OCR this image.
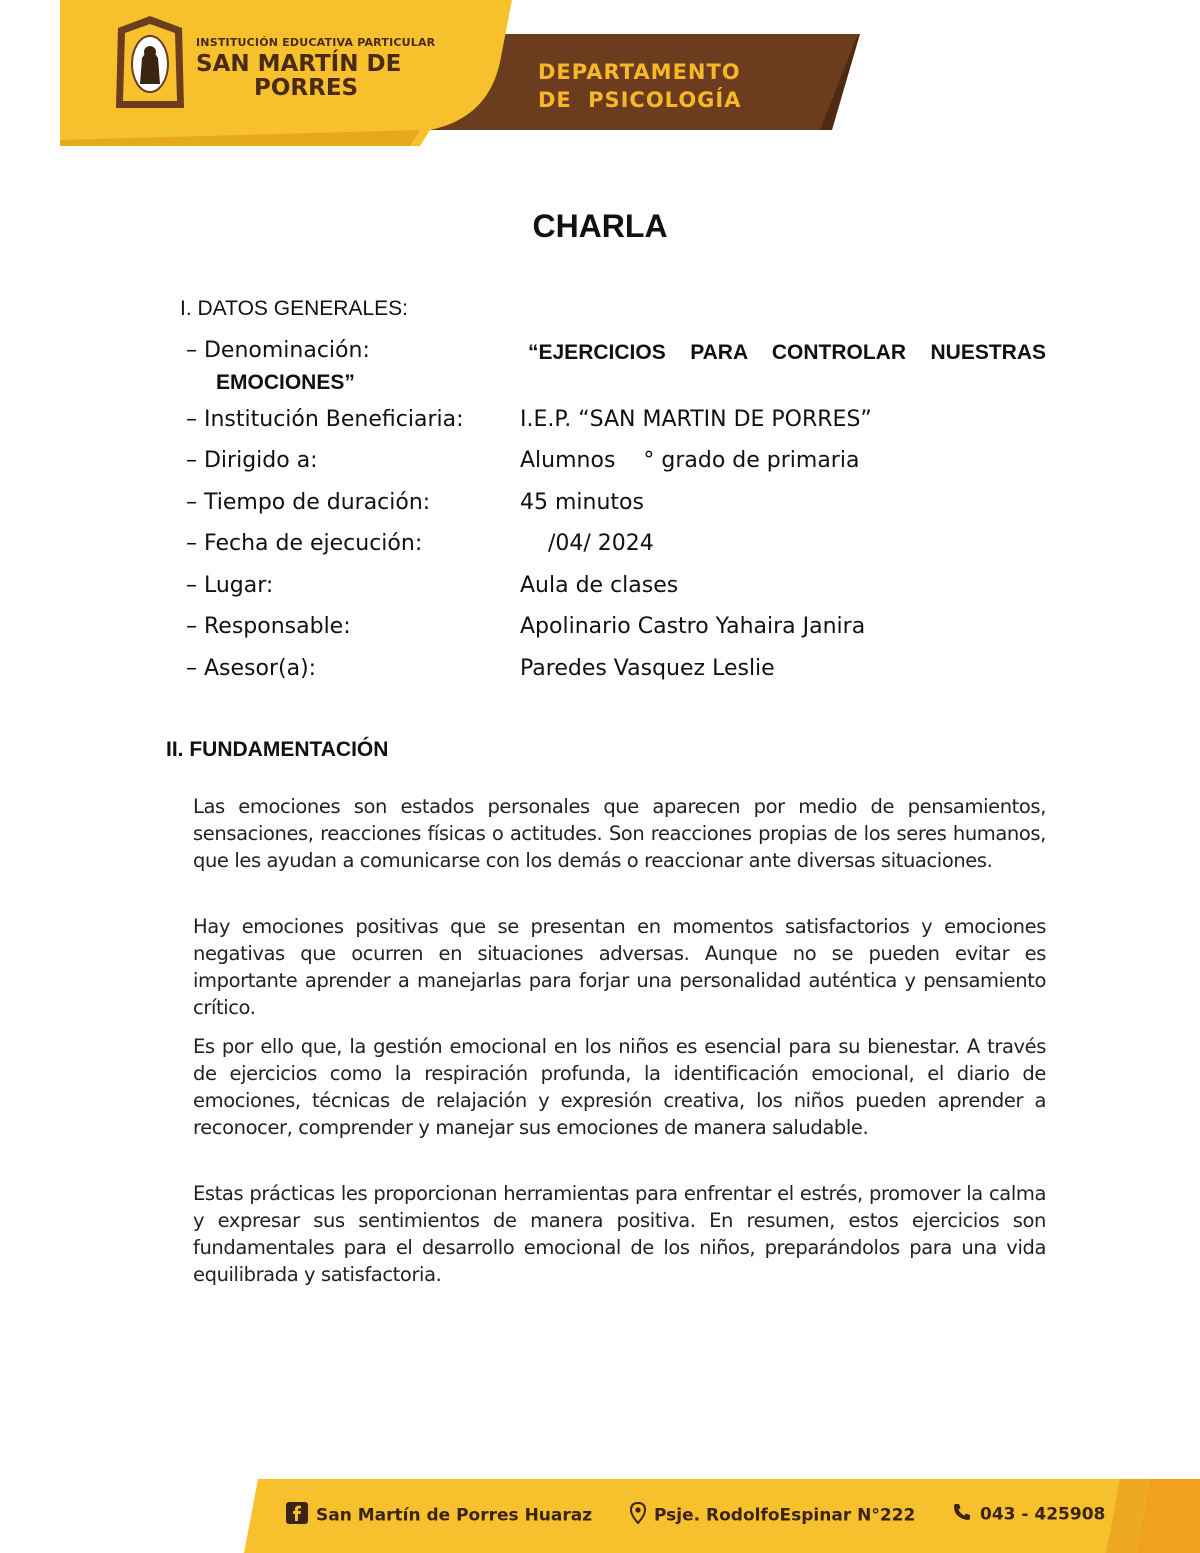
INSTITUCIÓN EDUCATIVA PARTICULAR
SAN MARTÍN DE
PORRES
DEPARTAMENTO
DE PSICOLOGÍA
CHARLA
I. DATOS GENERALES:
– Denominación:	“EJERCICIOS PARA CONTROLAR NUESTRAS EMOCIONES”
– Institución Beneficiaria:	I.E.P. “SAN MARTIN DE PORRES”
– Dirigido a:	Alumnos    ° grado de primaria
– Tiempo de duración:	45 minutos
– Fecha de ejecución:	/04/ 2024
– Lugar:	Aula de clases
– Responsable:	Apolinario Castro Yahaira Janira
– Asesor(a):	Paredes Vasquez Leslie
II. FUNDAMENTACIÓN

Las emociones son estados personales que aparecen por medio de pensamientos, sensaciones, reacciones físicas o actitudes. Son reacciones propias de los seres humanos, que les ayudan a comunicarse con los demás o reaccionar ante diversas situaciones.

Hay emociones positivas que se presentan en momentos satisfactorios y emociones negativas que ocurren en situaciones adversas. Aunque no se pueden evitar es importante aprender a manejarlas para forjar una personalidad auténtica y pensamiento crítico.

Es por ello que, la gestión emocional en los niños es esencial para su bienestar. A través de ejercicios como la respiración profunda, la identificación emocional, el diario de emociones, técnicas de relajación y expresión creativa, los niños pueden aprender a reconocer, comprender y manejar sus emociones de manera saludable.

Estas prácticas les proporcionan herramientas para enfrentar el estrés, promover la calma y expresar sus sentimientos de manera positiva. En resumen, estos ejercicios son fundamentales para el desarrollo emocional de los niños, preparándolos para una vida equilibrada y satisfactoria.

San Martín de Porres Huaraz	Psje. RodolfoEspinar N°222	043 - 425908
